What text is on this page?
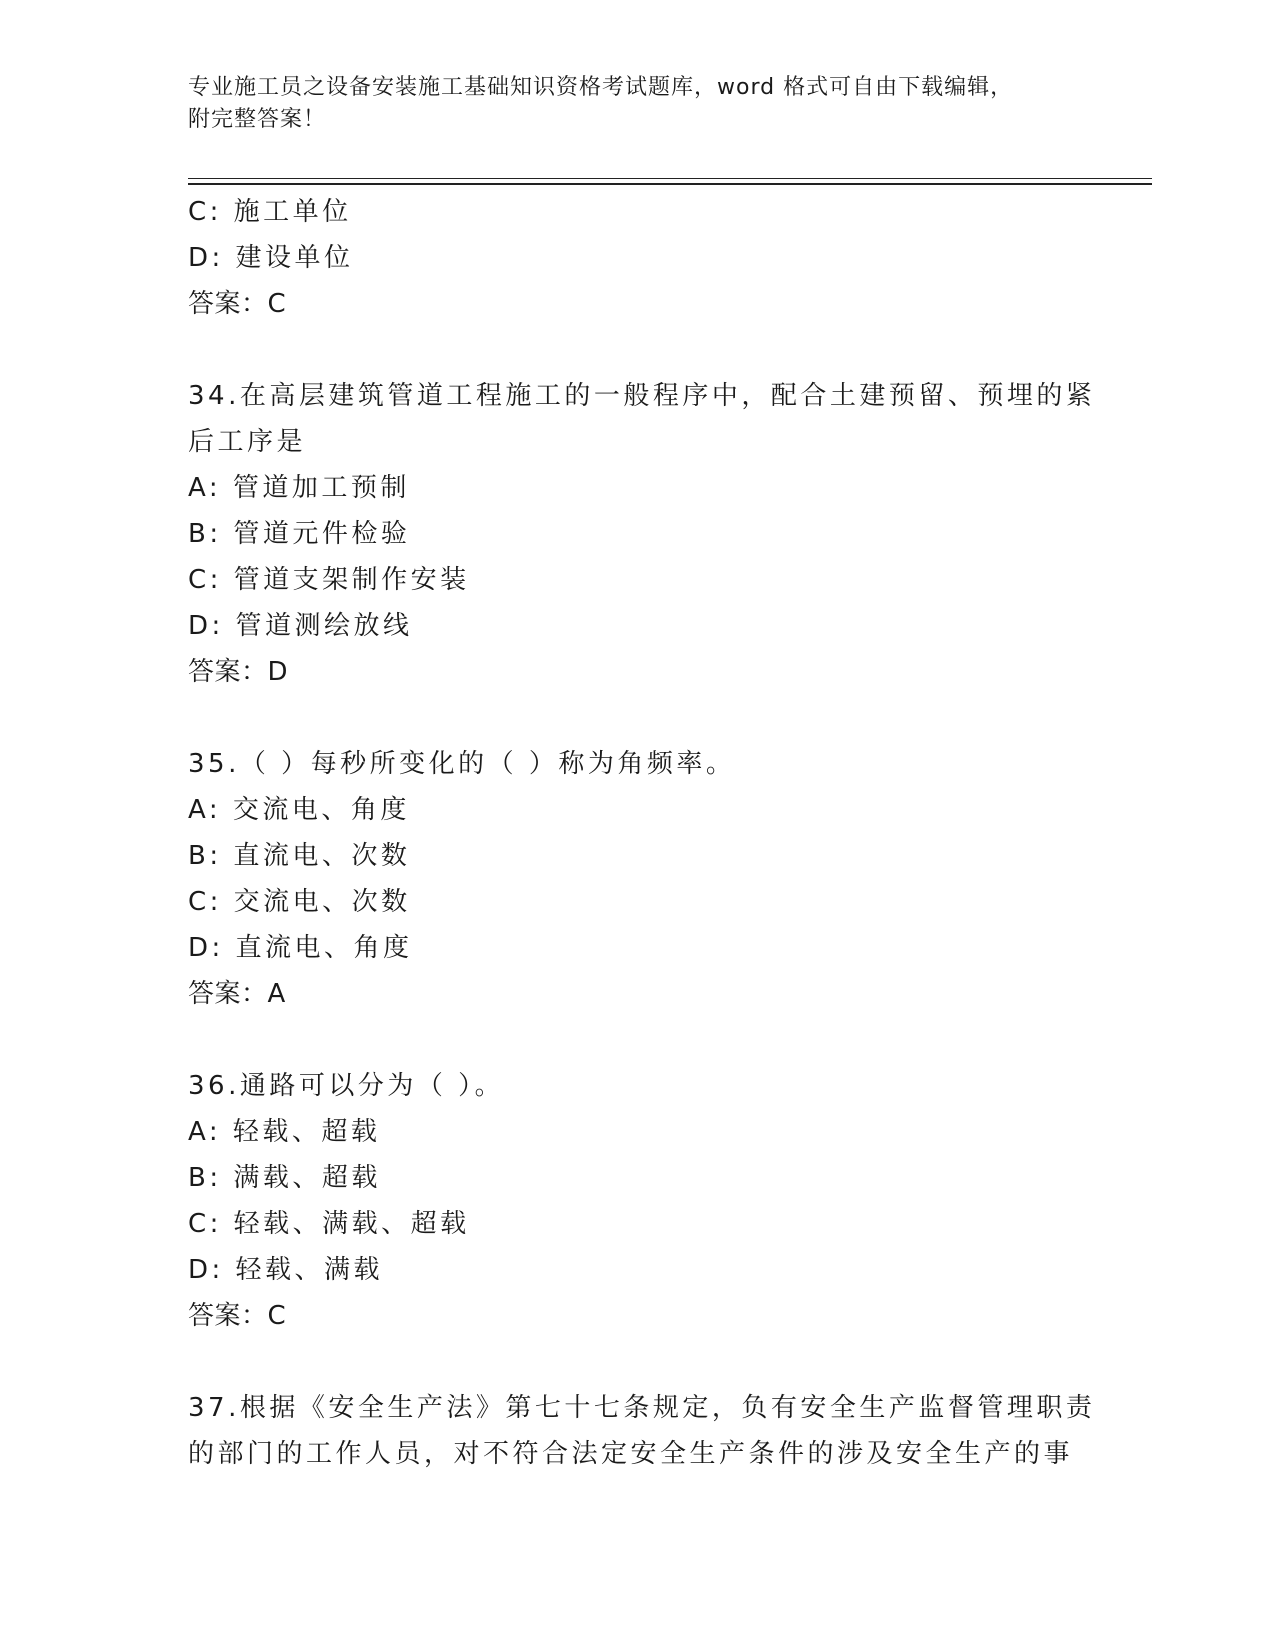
专业施工员之设备安装施工基础知识资格考试题库，word 格式可自由下载编辑，
附完整答案！
C: 施工单位
D: 建设单位
答案：C
34.在高层建筑管道工程施工的一般程序中，配合土建预留、预埋的紧
后工序是
A: 管道加工预制
B: 管道元件检验
C: 管道支架制作安装
D: 管道测绘放线
答案：D
35.（ ）每秒所变化的（ ）称为角频率。
A: 交流电、角度
B: 直流电、次数
C: 交流电、次数
D: 直流电、角度
答案：A
36.通路可以分为（ ）。
A: 轻载、超载
B: 满载、超载
C: 轻载、满载、超载
D: 轻载、满载
答案：C
37.根据《安全生产法》第七十七条规定，负有安全生产监督管理职责
的部门的工作人员，对不符合法定安全生产条件的涉及安全生产的事
